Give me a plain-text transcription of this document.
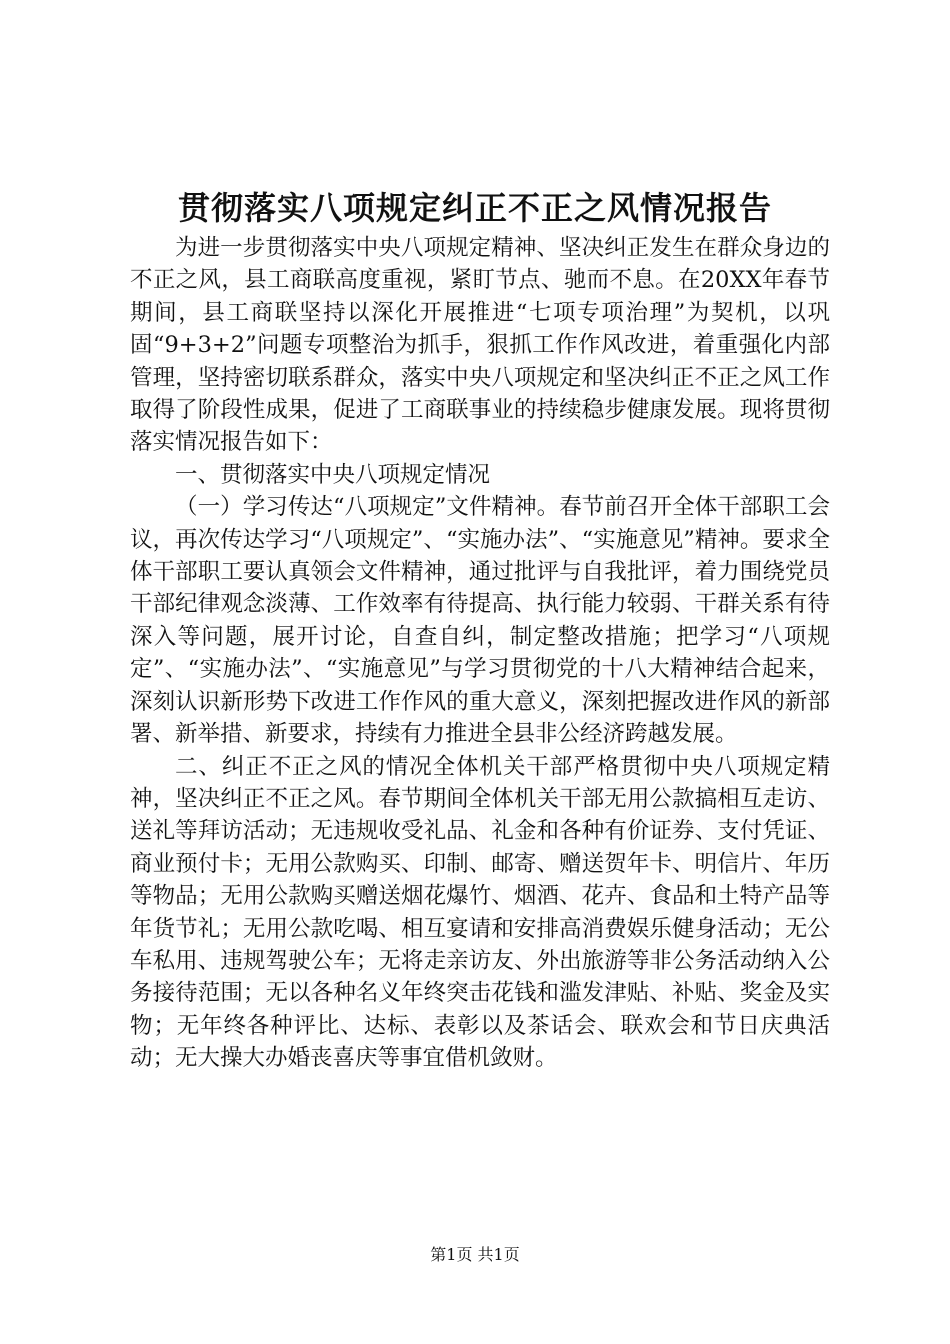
贯彻落实八项规定纠正不正之风情况报告

为进一步贯彻落实中央八项规定精神、坚决纠正发生在群众身边的不正之风，县工商联高度重视，紧盯节点、驰而不息。在20XX年春节期间，县工商联坚持以深化开展推进“七项专项治理”为契机，以巩固“9+3+2”问题专项整治为抓手，狠抓工作作风改进，着重强化内部管理，坚持密切联系群众，落实中央八项规定和坚决纠正不正之风工作取得了阶段性成果，促进了工商联事业的持续稳步健康发展。现将贯彻落实情况报告如下：

一、贯彻落实中央八项规定情况

（一）学习传达“八项规定”文件精神。春节前召开全体干部职工会议，再次传达学习“八项规定”、“实施办法”、“实施意见”精神。要求全体干部职工要认真领会文件精神，通过批评与自我批评，着力围绕党员干部纪律观念淡薄、工作效率有待提高、执行能力较弱、干群关系有待深入等问题，展开讨论，自查自纠，制定整改措施；把学习“八项规定”、“实施办法”、“实施意见”与学习贯彻党的十八大精神结合起来，深刻认识新形势下改进工作作风的重大意义，深刻把握改进作风的新部署、新举措、新要求，持续有力推进全县非公经济跨越发展。

二、纠正不正之风的情况全体机关干部严格贯彻中央八项规定精神，坚决纠正不正之风。春节期间全体机关干部无用公款搞相互走访、送礼等拜访活动；无违规收受礼品、礼金和各种有价证券、支付凭证、商业预付卡；无用公款购买、印制、邮寄、赠送贺年卡、明信片、年历等物品；无用公款购买赠送烟花爆竹、烟酒、花卉、食品和土特产品等年货节礼；无用公款吃喝、相互宴请和安排高消费娱乐健身活动；无公车私用、违规驾驶公车；无将走亲访友、外出旅游等非公务活动纳入公务接待范围；无以各种名义年终突击花钱和滥发津贴、补贴、奖金及实物；无年终各种评比、达标、表彰以及茶话会、联欢会和节日庆典活动；无大操大办婚丧喜庆等事宜借机敛财。

第1页 共1页
